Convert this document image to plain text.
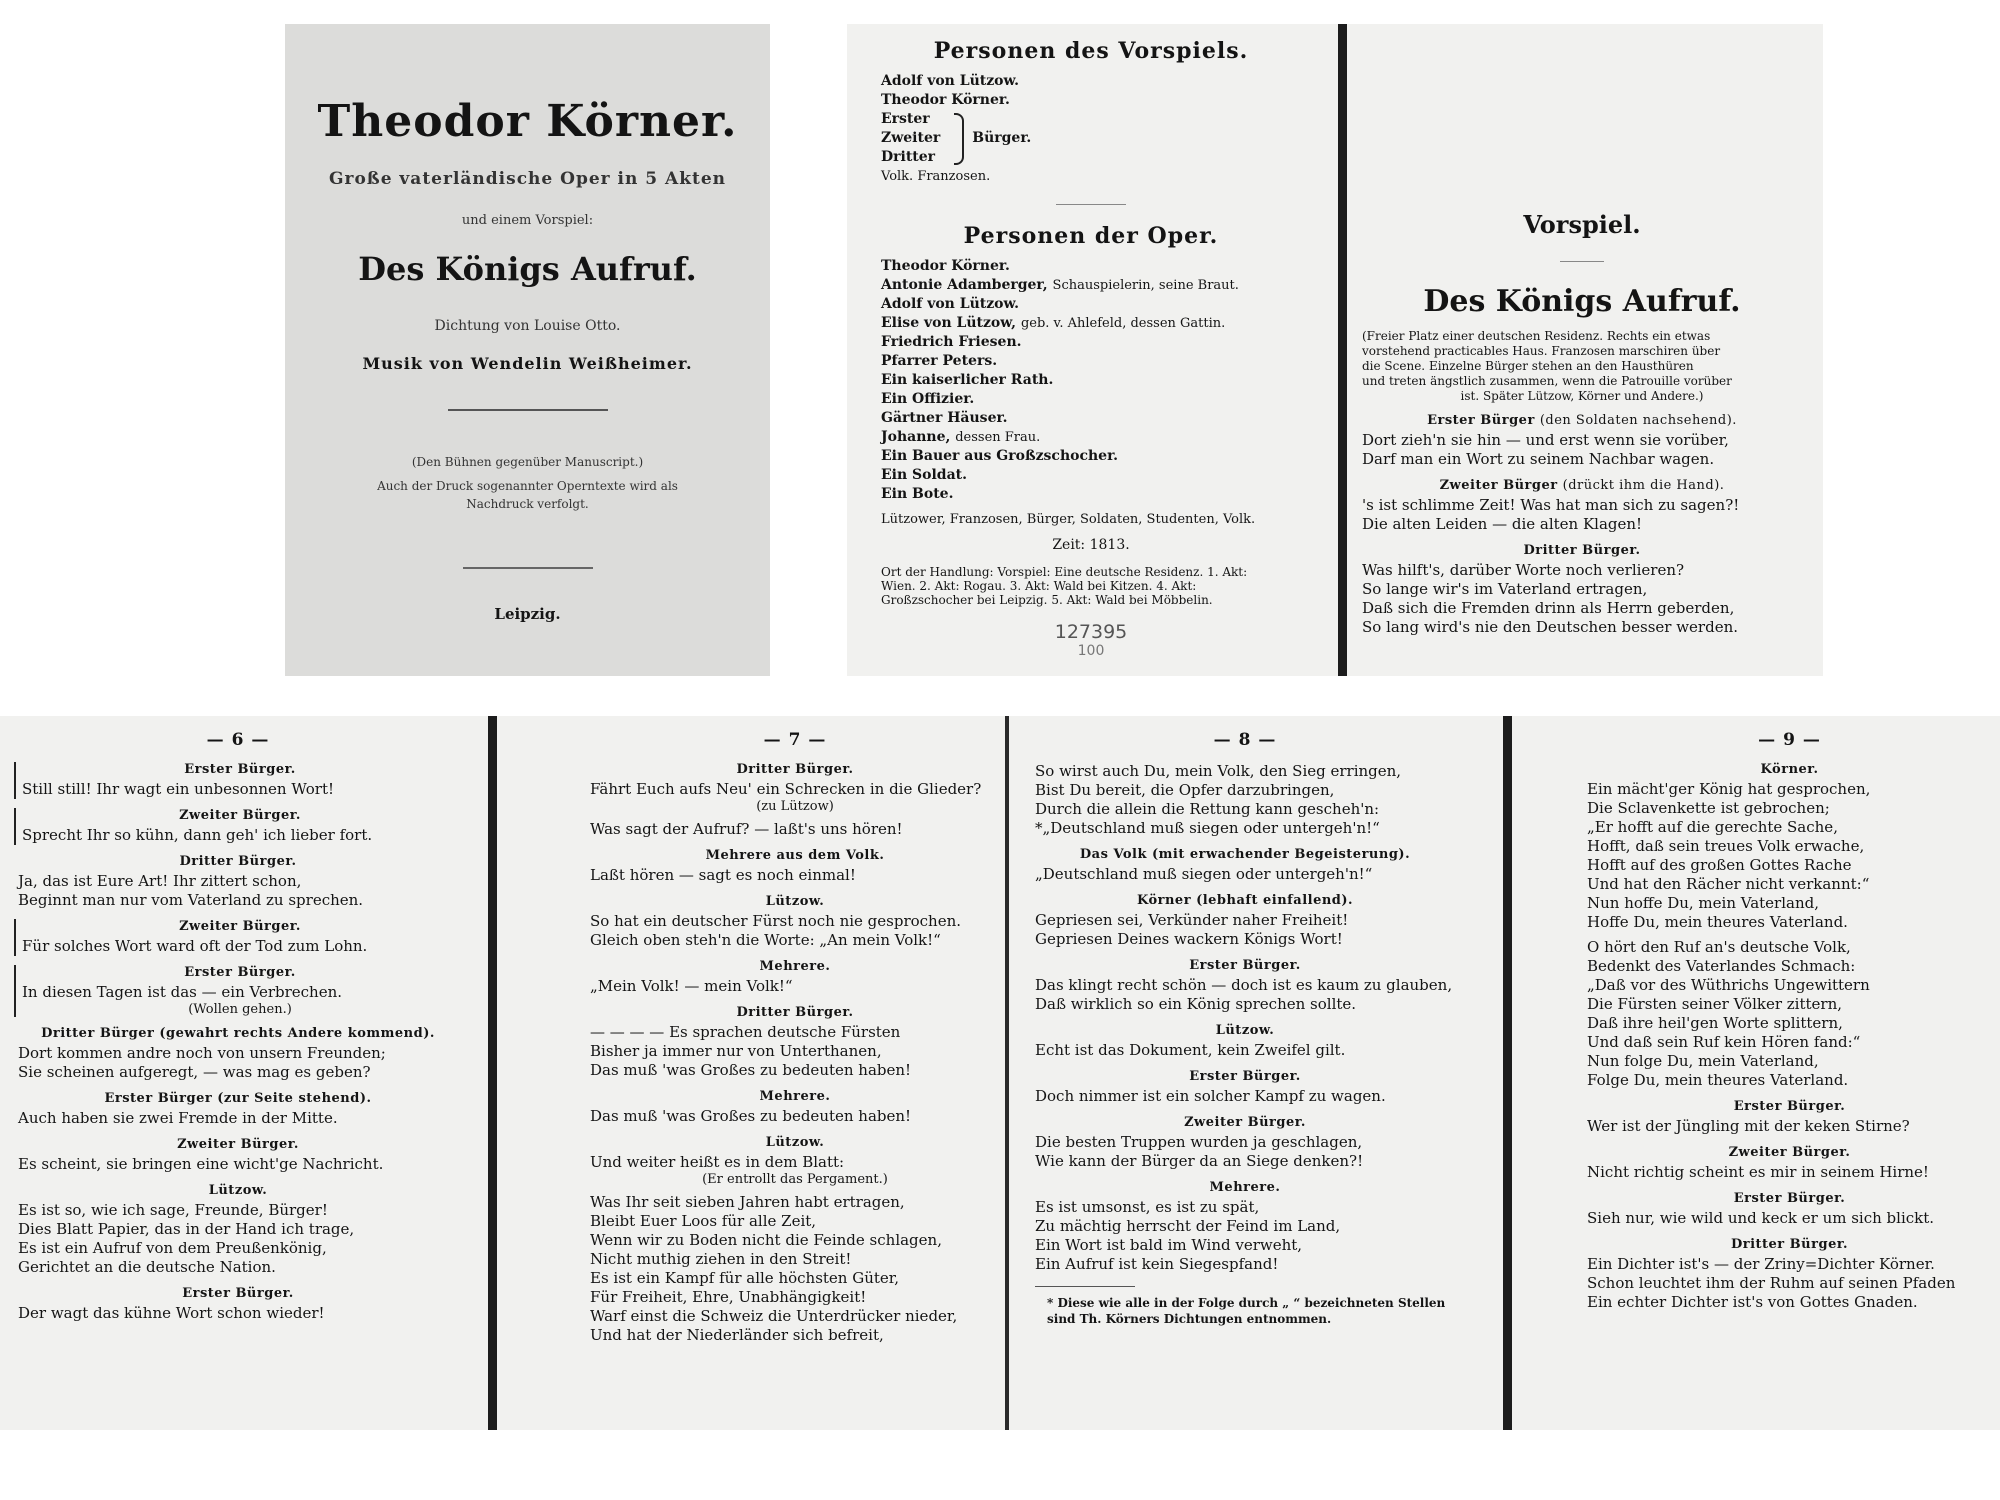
Theodor Körner.
Große vaterländische Oper in 5 Akten
und einem Vorspiel:
Des Königs Aufruf.
Dichtung von Louise Otto.
Musik von Wendelin Weißheimer.
(Den Bühnen gegenüber Manuscript.)
Auch der Druck sogenannter Operntexte wird als Nachdruck verfolgt.
Leipzig.
Personen des Vorspiels.
Adolf von Lützow.
Theodor Körner.
Erster
Zweiter
Dritter
Bürger.
Volk. Franzosen.
Personen der Oper.
Theodor Körner.
Antonie Adamberger, Schauspielerin, seine Braut.
Adolf von Lützow.
Elise von Lützow, geb. v. Ahlefeld, dessen Gattin.
Friedrich Friesen.
Pfarrer Peters.
Ein kaiserlicher Rath.
Ein Offizier.
Gärtner Häuser.
Johanne, dessen Frau.
Ein Bauer aus Großzschocher.
Ein Soldat.
Ein Bote.
Lützower, Franzosen, Bürger, Soldaten, Studenten, Volk.
Zeit: 1813.
Ort der Handlung: Vorspiel: Eine deutsche Residenz. 1. Akt:
Wien. 2. Akt: Rogau. 3. Akt: Wald bei Kitzen. 4. Akt:
Großzschocher bei Leipzig. 5. Akt: Wald bei Möbbelin.
127395
100
Vorspiel.
Des Königs Aufruf.
(Freier Platz einer deutschen Residenz. Rechts ein etwas
vorstehend practicables Haus. Franzosen marschiren über
die Scene. Einzelne Bürger stehen an den Hausthüren
und treten ängstlich zusammen, wenn die Patrouille vorüber
ist. Später Lützow, Körner und Andere.)
Erster Bürger (den Soldaten nachsehend).
Dort zieh'n sie hin — und erst wenn sie vorüber,
Darf man ein Wort zu seinem Nachbar wagen.
Zweiter Bürger (drückt ihm die Hand).
's ist schlimme Zeit! Was hat man sich zu sagen?!
Die alten Leiden — die alten Klagen!
Dritter Bürger.
Was hilft's, darüber Worte noch verlieren?
So lange wir's im Vaterland ertragen,
Daß sich die Fremden drinn als Herrn geberden,
So lang wird's nie den Deutschen besser werden.
— 6 —
Erster Bürger.
Still still! Ihr wagt ein unbesonnen Wort!
Zweiter Bürger.
Sprecht Ihr so kühn, dann geh' ich lieber fort.
Dritter Bürger.
Ja, das ist Eure Art! Ihr zittert schon,
Beginnt man nur vom Vaterland zu sprechen.
Zweiter Bürger.
Für solches Wort ward oft der Tod zum Lohn.
Erster Bürger.
In diesen Tagen ist das — ein Verbrechen.
(Wollen gehen.)
Dritter Bürger (gewahrt rechts Andere kommend).
Dort kommen andre noch von unsern Freunden;
Sie scheinen aufgeregt, — was mag es geben?
Erster Bürger (zur Seite stehend).
Auch haben sie zwei Fremde in der Mitte.
Zweiter Bürger.
Es scheint, sie bringen eine wicht'ge Nachricht.
Lützow.
Es ist so, wie ich sage, Freunde, Bürger!
Dies Blatt Papier, das in der Hand ich trage,
Es ist ein Aufruf von dem Preußenkönig,
Gerichtet an die deutsche Nation.
Erster Bürger.
Der wagt das kühne Wort schon wieder!
— 7 —
Dritter Bürger.
Fährt Euch aufs Neu' ein Schrecken in die Glieder?
(zu Lützow)
Was sagt der Aufruf? — laßt's uns hören!
Mehrere aus dem Volk.
Laßt hören — sagt es noch einmal!
Lützow.
So hat ein deutscher Fürst noch nie gesprochen.
Gleich oben steh'n die Worte: „An mein Volk!“
Mehrere.
„Mein Volk! — mein Volk!“
Dritter Bürger.
— — — — Es sprachen deutsche Fürsten
Bisher ja immer nur von Unterthanen,
Das muß 'was Großes zu bedeuten haben!
Mehrere.
Das muß 'was Großes zu bedeuten haben!
Lützow.
Und weiter heißt es in dem Blatt:
(Er entrollt das Pergament.)
Was Ihr seit sieben Jahren habt ertragen,
Bleibt Euer Loos für alle Zeit,
Wenn wir zu Boden nicht die Feinde schlagen,
Nicht muthig ziehen in den Streit!
Es ist ein Kampf für alle höchsten Güter,
Für Freiheit, Ehre, Unabhängigkeit!
Warf einst die Schweiz die Unterdrücker nieder,
Und hat der Niederländer sich befreit,
— 8 —
So wirst auch Du, mein Volk, den Sieg erringen,
Bist Du bereit, die Opfer darzubringen,
Durch die allein die Rettung kann gescheh'n:
*„Deutschland muß siegen oder untergeh'n!“
Das Volk (mit erwachender Begeisterung).
„Deutschland muß siegen oder untergeh'n!“
Körner (lebhaft einfallend).
Gepriesen sei, Verkünder naher Freiheit!
Gepriesen Deines wackern Königs Wort!
Erster Bürger.
Das klingt recht schön — doch ist es kaum zu glauben,
Daß wirklich so ein König sprechen sollte.
Lützow.
Echt ist das Dokument, kein Zweifel gilt.
Erster Bürger.
Doch nimmer ist ein solcher Kampf zu wagen.
Zweiter Bürger.
Die besten Truppen wurden ja geschlagen,
Wie kann der Bürger da an Siege denken?!
Mehrere.
Es ist umsonst, es ist zu spät,
Zu mächtig herrscht der Feind im Land,
Ein Wort ist bald im Wind verweht,
Ein Aufruf ist kein Siegespfand!
* Diese wie alle in der Folge durch „ “ bezeichneten Stellen sind Th. Körners Dichtungen entnommen.
— 9 —
Körner.
Ein mächt'ger König hat gesprochen,
Die Sclavenkette ist gebrochen;
„Er hofft auf die gerechte Sache,
Hofft, daß sein treues Volk erwache,
Hofft auf des großen Gottes Rache
Und hat den Rächer nicht verkannt:“
Nun hoffe Du, mein Vaterland,
Hoffe Du, mein theures Vaterland.
O hört den Ruf an's deutsche Volk,
Bedenkt des Vaterlandes Schmach:
„Daß vor des Wüthrichs Ungewittern
Die Fürsten seiner Völker zittern,
Daß ihre heil'gen Worte splittern,
Und daß sein Ruf kein Hören fand:“
Nun folge Du, mein Vaterland,
Folge Du, mein theures Vaterland.
Erster Bürger.
Wer ist der Jüngling mit der keken Stirne?
Zweiter Bürger.
Nicht richtig scheint es mir in seinem Hirne!
Erster Bürger.
Sieh nur, wie wild und keck er um sich blickt.
Dritter Bürger.
Ein Dichter ist's — der Zriny=Dichter Körner.
Schon leuchtet ihm der Ruhm auf seinen Pfaden
Ein echter Dichter ist's von Gottes Gnaden.
